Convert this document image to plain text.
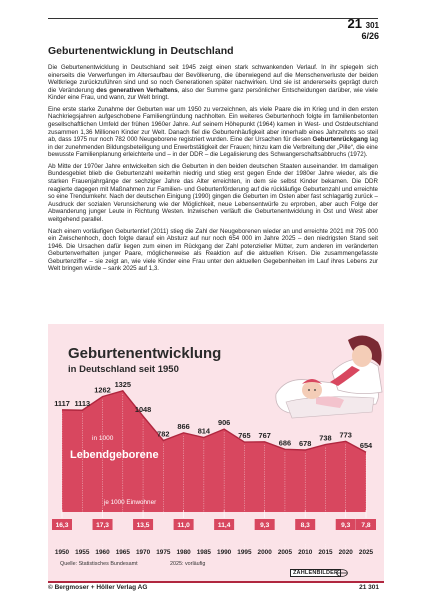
21 301
6/26
Geburtenentwicklung in Deutschland

Die Geburtenentwicklung in Deutschland seit 1945 zeigt einen stark schwankenden Verlauf. In ihr spiegeln sich einerseits die Verwerfungen im Altersaufbau der Bevölkerung, die überwiegend auf die Menschenverluste der beiden Weltkriege zurückzuführen sind und so noch Generationen später nachwirken. Und sie ist andererseits geprägt durch die Veränderung des generativen Verhaltens, also der Summe ganz persönlicher Entscheidungen darüber, wie viele Kinder eine Frau, und wann, zur Welt bringt.

Eine erste starke Zunahme der Geburten war um 1950 zu verzeichnen, als viele Paare die im Krieg und in den ersten Nachkriegsjahren aufgeschobene Familiengründung nachholten. Ein weiteres Geburtenhoch folgte im familienbetonten gesellschaftlichen Umfeld der frühen 1960er Jahre. Auf seinem Höhepunkt (1964) kamen in West- und Ostdeutschland zusammen 1,36 Millionen Kinder zur Welt. Danach fiel die Geburtenhäufigkeit aber innerhalb eines Jahrzehnts so steil ab, dass 1975 nur noch 782 000 Neugeborene registriert wurden. Eine der Ursachen für diesen Geburtenrückgang lag in der zunehmenden Bildungsbeteiligung und Erwerbstätigkeit der Frauen; hinzu kam die Verbreitung der „Pille“, die eine bewusste Familienplanung erleichterte und – in der DDR – die Legalisierung des Schwangerschaftsabbruchs (1972).

Ab Mitte der 1970er Jahre entwickelten sich die Geburten in den beiden deutschen Staaten auseinander. Im damaligen Bundesgebiet blieb die Geburtenzahl weiterhin niedrig und stieg erst gegen Ende der 1980er Jahre wieder, als die starken Frauenjahrgänge der sechziger Jahre das Alter erreichten, in dem sie selbst Kinder bekamen. Die DDR reagierte dagegen mit Maßnahmen zur Familien- und Geburtenförderung auf die rückläufige Geburtenzahl und erreichte so eine Trendumkehr. Nach der deutschen Einigung (1990) gingen die Geburten im Osten aber fast schlagartig zurück – Ausdruck der sozialen Verunsicherung wie der Möglichkeit, neue Lebensentwürfe zu erproben, aber auch Folge der Abwanderung junger Leute in Richtung Westen. Inzwischen verläuft die Geburtenentwicklung in Ost und West aber weitgehend parallel.

Nach einem vorläufigen Geburtentief (2011) stieg die Zahl der Neugeborenen wieder an und erreichte 2021 mit 795 000 ein Zwischenhoch, doch folgte darauf ein Absturz auf nur noch 654 000 im Jahre 2025 – den niedrigsten Stand seit 1946. Die Ursachen dafür liegen zum einen im Rückgang der Zahl potenzieller Mütter, zum anderen im veränderten Geburtenverhalten junger Paare, möglicherweise als Reaktion auf die aktuellen Krisen. Die zusammengefasste Geburtenziffer – sie zeigt an, wie viele Kinder eine Frau unter den aktuellen Gegebenheiten im Lauf ihres Lebens zur Welt bringen würde – sank 2025 auf 1,3.

Geburtenentwicklung
in Deutschland seit 1950
1117 1113
1262
1325
1048
782
866
814
906
765 767
686 678
738 773
654
in 1000
Lebendgeborene
je 1000 Einwohner
16,3	17,3	13,5	11,0	11,4	9,3	8,3	9,3 7,8
1950 1955 1960 1965 1970 1975 1980 1985 1990 1995 2000 2005 2010 2015 2020 2025
Quelle: Statistisches Bundesamt	2025: vorläufig
ZAHLENBILDER
© Bergmoser + Höller Verlag AG	21 301
